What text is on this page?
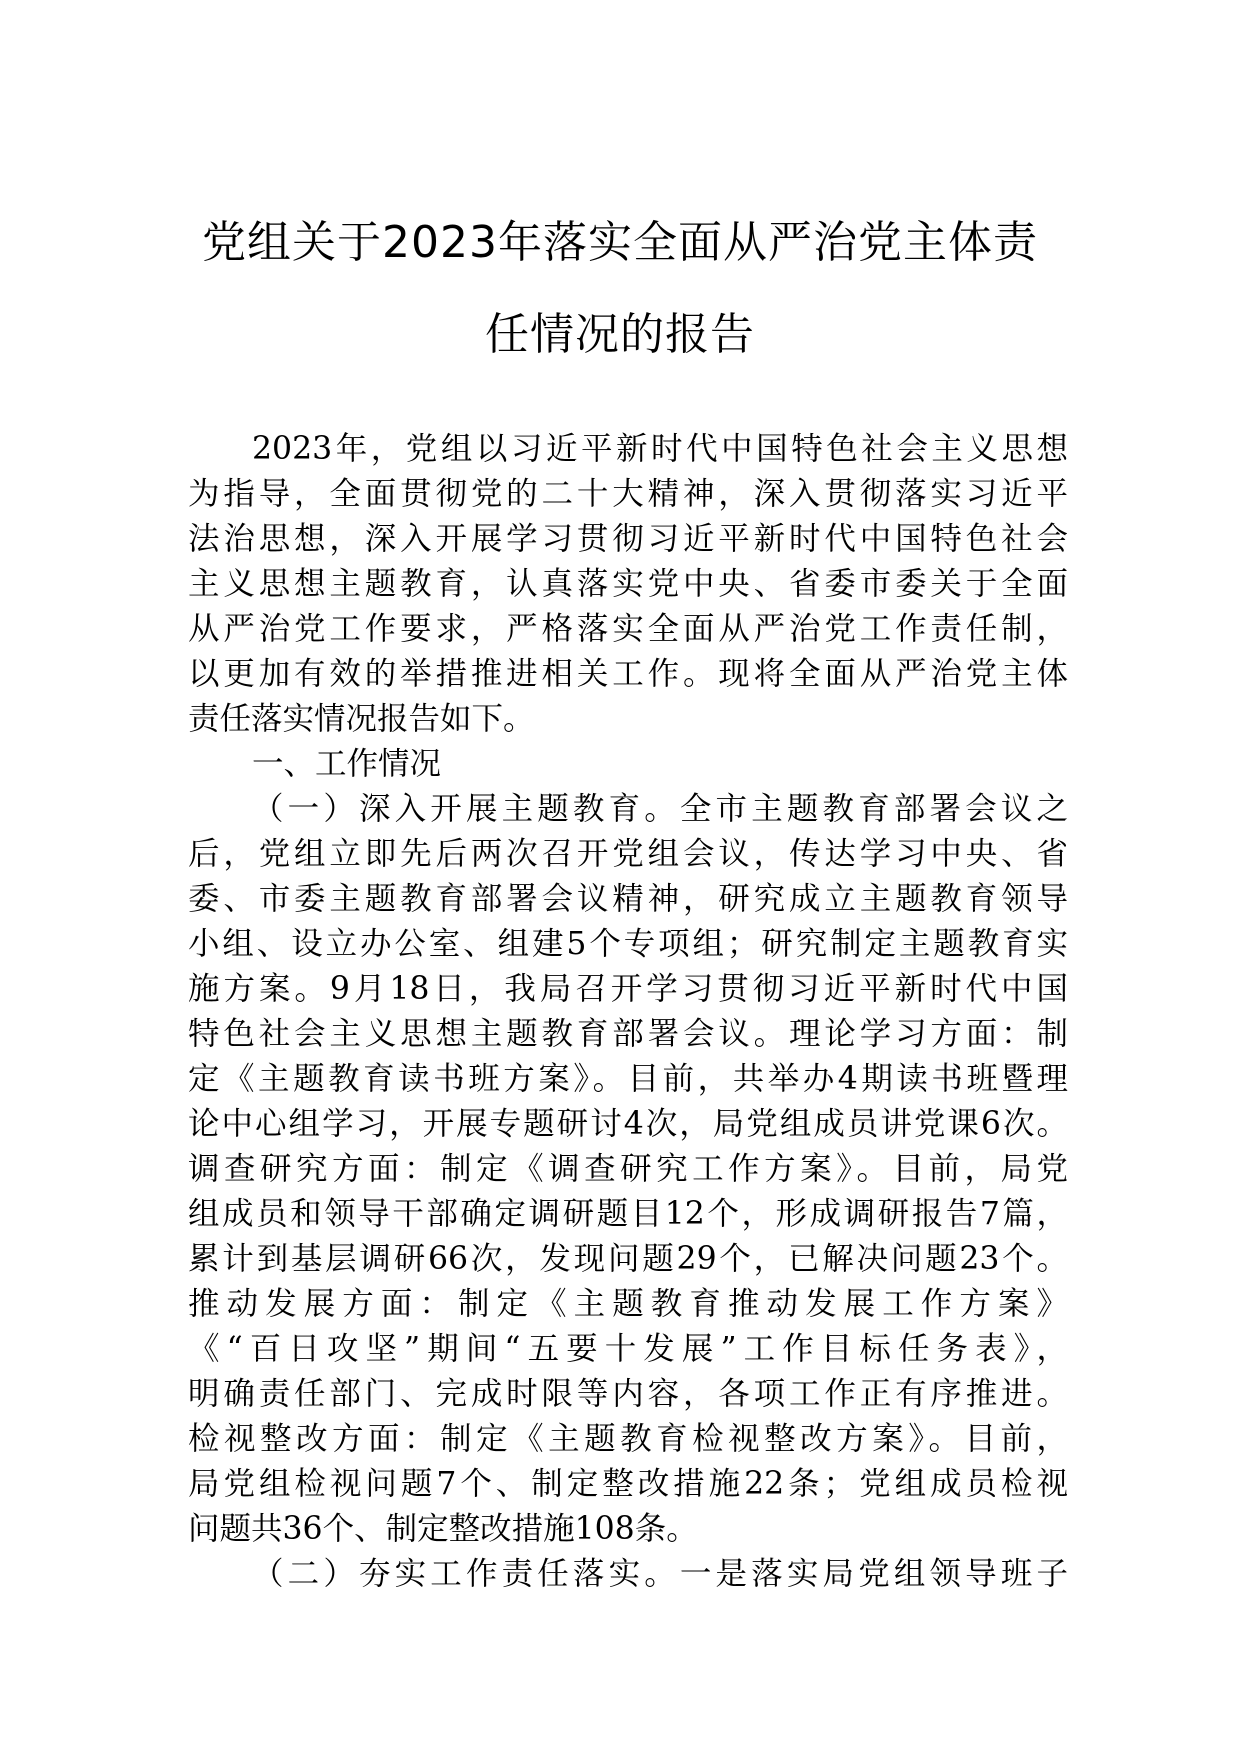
党组关于2023年落实全面从严治党主体责
任情况的报告
2023年，党组以习近平新时代中国特色社会主义思想
为指导，全面贯彻党的二十大精神，深入贯彻落实习近平
法治思想，深入开展学习贯彻习近平新时代中国特色社会
主义思想主题教育，认真落实党中央、省委市委关于全面
从严治党工作要求，严格落实全面从严治党工作责任制，
以更加有效的举措推进相关工作。现将全面从严治党主体
责任落实情况报告如下。
一、工作情况
（一）深入开展主题教育。全市主题教育部署会议之
后，党组立即先后两次召开党组会议，传达学习中央、省
委、市委主题教育部署会议精神，研究成立主题教育领导
小组、设立办公室、组建5个专项组；研究制定主题教育实
施方案。9月18日，我局召开学习贯彻习近平新时代中国
特色社会主义思想主题教育部署会议。理论学习方面：制
定《主题教育读书班方案》。目前，共举办4期读书班暨理
论中心组学习，开展专题研讨4次，局党组成员讲党课6次。
调查研究方面：制定《调查研究工作方案》。目前，局党
组成员和领导干部确定调研题目12个，形成调研报告7篇，
累计到基层调研66次，发现问题29个，已解决问题23个。
推动发展方面：制定《主题教育推动发展工作方案》
《“百日攻坚”期间“五要十发展”工作目标任务表》，
明确责任部门、完成时限等内容，各项工作正有序推进。
检视整改方面：制定《主题教育检视整改方案》。目前，
局党组检视问题7个、制定整改措施22条；党组成员检视
问题共36个、制定整改措施108条。
（二）夯实工作责任落实。一是落实局党组领导班子
